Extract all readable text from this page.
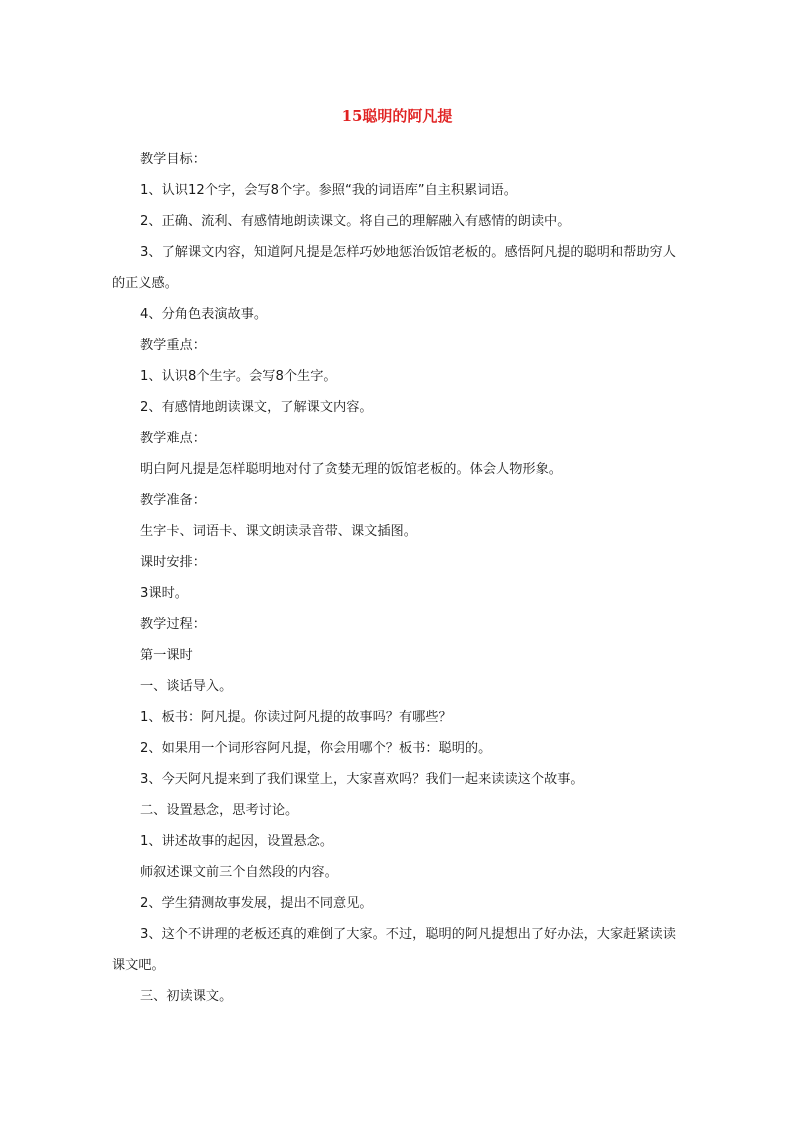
15聪明的阿凡提

教学目标：

1、认识12个字，会写8个字。参照“我的词语库”自主积累词语。

2、正确、流利、有感情地朗读课文。将自己的理解融入有感情的朗读中。

3、了解课文内容，知道阿凡提是怎样巧妙地惩治饭馆老板的。感悟阿凡提的聪明和帮助穷人的正义感。

4、分角色表演故事。

教学重点：

1、认识8个生字。会写8个生字。

2、有感情地朗读课文，了解课文内容。

教学难点：

明白阿凡提是怎样聪明地对付了贪婪无理的饭馆老板的。体会人物形象。

教学准备：

生字卡、词语卡、课文朗读录音带、课文插图。

课时安排：

3课时。

教学过程：

第一课时

一、谈话导入。

1、板书：阿凡提。你读过阿凡提的故事吗？有哪些？

2、如果用一个词形容阿凡提，你会用哪个？板书：聪明的。

3、今天阿凡提来到了我们课堂上，大家喜欢吗？我们一起来读读这个故事。

二、设置悬念，思考讨论。

1、讲述故事的起因，设置悬念。

师叙述课文前三个自然段的内容。

2、学生猜测故事发展，提出不同意见。

3、这个不讲理的老板还真的难倒了大家。不过，聪明的阿凡提想出了好办法，大家赶紧读读课文吧。

三、初读课文。
